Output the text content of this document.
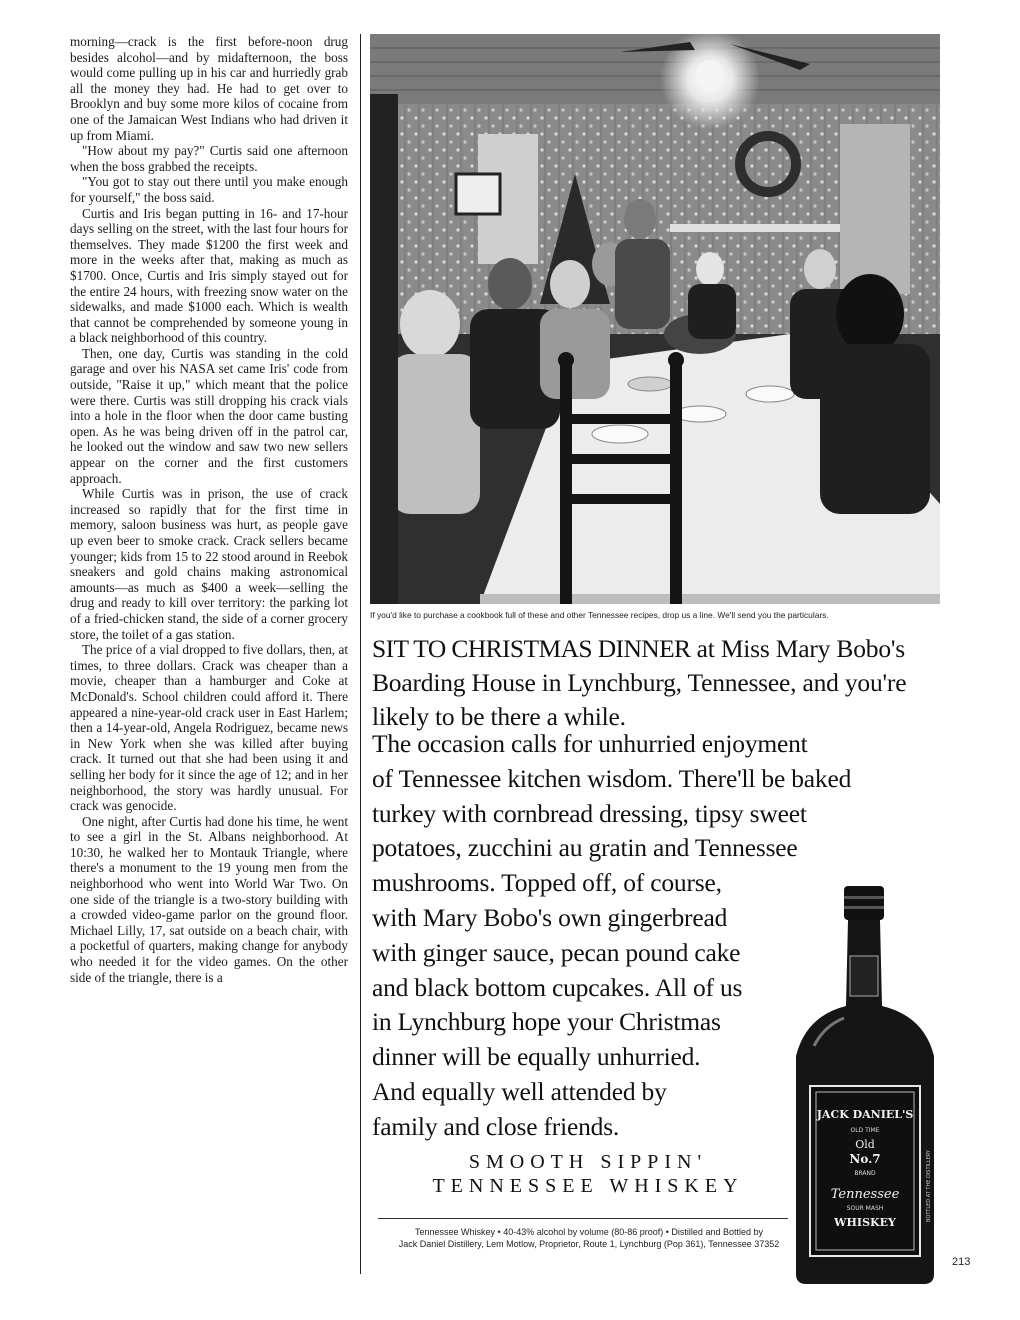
morning—crack is the first before-noon drug besides alcohol—and by midafternoon, the boss would come pulling up in his car and hurriedly grab all the money they had. He had to get over to Brooklyn and buy some more kilos of cocaine from one of the Jamaican West Indians who had driven it up from Miami.

"How about my pay?" Curtis said one afternoon when the boss grabbed the receipts.

"You got to stay out there until you make enough for yourself," the boss said.

Curtis and Iris began putting in 16- and 17-hour days selling on the street, with the last four hours for themselves. They made $1200 the first week and more in the weeks after that, making as much as $1700. Once, Curtis and Iris simply stayed out for the entire 24 hours, with freezing snow water on the sidewalks, and made $1000 each. Which is wealth that cannot be comprehended by someone young in a black neighborhood of this country.

Then, one day, Curtis was standing in the cold garage and over his NASA set came Iris' code from outside, "Raise it up," which meant that the police were there. Curtis was still dropping his crack vials into a hole in the floor when the door came busting open. As he was being driven off in the patrol car, he looked out the window and saw two new sellers appear on the corner and the first customers approach.

While Curtis was in prison, the use of crack increased so rapidly that for the first time in memory, saloon business was hurt, as people gave up even beer to smoke crack. Crack sellers became younger; kids from 15 to 22 stood around in Reebok sneakers and gold chains making astronomical amounts—as much as $400 a week—selling the drug and ready to kill over territory: the parking lot of a fried-chicken stand, the side of a corner grocery store, the toilet of a gas station.

The price of a vial dropped to five dollars, then, at times, to three dollars. Crack was cheaper than a movie, cheaper than a hamburger and Coke at McDonald's. School children could afford it. There appeared a nine-year-old crack user in East Harlem; then a 14-year-old, Angela Rodriguez, became news in New York when she was killed after buying crack. It turned out that she had been using it and selling her body for it since the age of 12; and in her neighborhood, the story was hardly unusual. For crack was genocide.

One night, after Curtis had done his time, he went to see a girl in the St. Albans neighborhood. At 10:30, he walked her to Montauk Triangle, where there's a monument to the 19 young men from the neighborhood who went into World War Two. On one side of the triangle is a two-story building with a crowded video-game parlor on the ground floor. Michael Lilly, 17, sat outside on a beach chair, with a pocketful of quarters, making change for anybody who needed it for the video games. On the other side of the triangle, there is a

If you'd like to purchase a cookbook full of these and other Tennessee recipes, drop us a line. We'll send you the particulars.
SIT TO CHRISTMAS DINNER at Miss Mary Bobo's Boarding House in Lynchburg, Tennessee, and you're likely to be there a while.
The occasion calls for unhurried enjoyment
of Tennessee kitchen wisdom. There'll be baked
turkey with cornbread dressing, tipsy sweet
potatoes, zucchini au gratin and Tennessee
mushrooms. Topped off, of course,
with Mary Bobo's own gingerbread
with ginger sauce, pecan pound cake
and black bottom cupcakes. All of us
in Lynchburg hope your Christmas
dinner will be equally unhurried.
And equally well attended by
family and close friends.
SMOOTH SIPPIN'
TENNESSEE WHISKEY
Tennessee Whiskey • 40-43% alcohol by volume (80-86 proof) • Distilled and Bottled by
Jack Daniel Distillery, Lem Motlow, Proprietor, Route 1, Lynchburg (Pop 361), Tennessee 37352
JACK DANIEL'S
OLD TIME
Old
No.7
BRAND
Tennessee
SOUR MASH
WHISKEY
BOTTLED AT THE DISTILLERY
213
